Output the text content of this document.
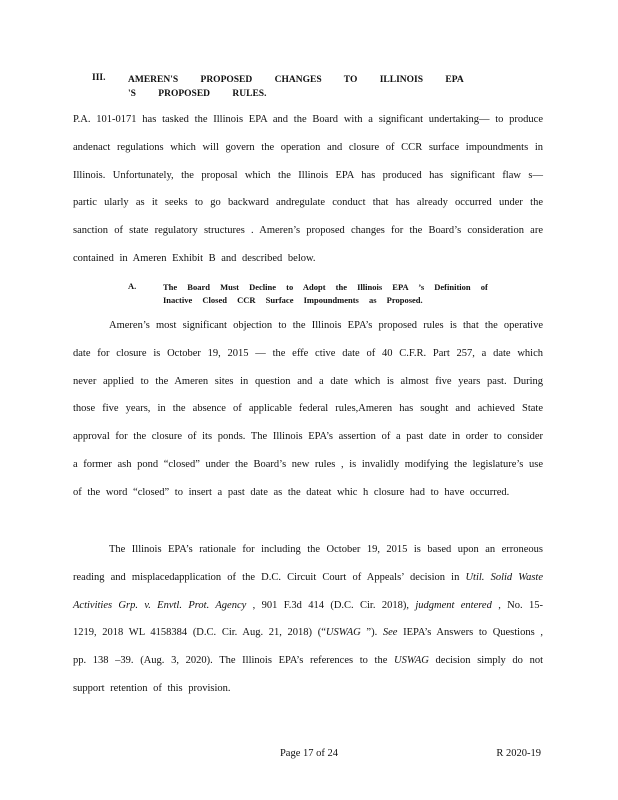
III. AMEREN'S PROPOSED CHANGES TO ILLINOIS EPA 'S PROPOSED RULES.
P.A. 101-0171 has tasked the Illinois EPA and the Board with a significant undertaking— to produce andenact regulations which will govern the operation and closure of CCR surface impoundments in Illinois. Unfortunately, the proposal which the Illinois EPA has produced has significant flaw s— partic ularly as it seeks to go backward andregulate conduct that has already occurred under the sanction of state regulatory structures . Ameren’s proposed changes for the Board’s consideration are contained in Ameren Exhibit B and described below.
A.	The Board Must Decline to Adopt the Illinois EPA ’s Definition of Inactive Closed CCR Surface Impoundments as Proposed.
Ameren’s most significant objection to the Illinois EPA’s proposed rules is that the operative date for closure is October 19, 2015 — the effe ctive date of 40 C.F.R. Part 257, a date which never applied to the Ameren sites in question and a date which is almost five years past. During those five years, in the absence of applicable federal rules,Ameren has sought and achieved State approval for the closure of its ponds. The Illinois EPA’s assertion of a past date in order to consider a former ash pond “closed” under the Board’s new rules , is invalidly modifying the legislature’s use of the word “closed” to insert a past date as the dateat whic h closure had to have occurred.
The Illinois EPA’s rationale for including the October 19, 2015 is based upon an erroneous reading and misplacedapplication of the D.C. Circuit Court of Appeals’ decision in Util. Solid Waste Activities Grp. v. Envtl. Prot. Agency , 901 F.3d 414 (D.C. Cir. 2018), judgment entered , No. 15-1219, 2018 WL 4158384 (D.C. Cir. Aug. 21, 2018) (“USWAG ”). See IEPA’s Answers to Questions , pp. 138 –39. (Aug. 3, 2020). The Illinois EPA’s references to the USWAG decision simply do not support retention of this provision.
Page 17 of 24	R 2020-19
